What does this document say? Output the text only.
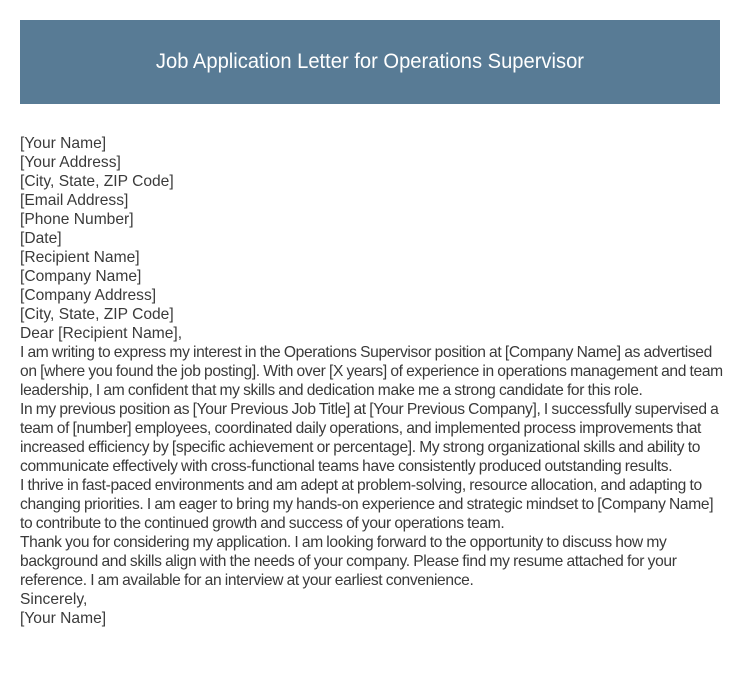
Job Application Letter for Operations Supervisor
[Your Name]
[Your Address]
[City, State, ZIP Code]
[Email Address]
[Phone Number]
[Date]
[Recipient Name]
[Company Name]
[Company Address]
[City, State, ZIP Code]
Dear [Recipient Name],
I am writing to express my interest in the Operations Supervisor position at [Company Name] as advertised on [where you found the job posting]. With over [X years] of experience in operations management and team leadership, I am confident that my skills and dedication make me a strong candidate for this role.
In my previous position as [Your Previous Job Title] at [Your Previous Company], I successfully supervised a team of [number] employees, coordinated daily operations, and implemented process improvements that increased efficiency by [specific achievement or percentage]. My strong organizational skills and ability to communicate effectively with cross-functional teams have consistently produced outstanding results.
I thrive in fast-paced environments and am adept at problem-solving, resource allocation, and adapting to changing priorities. I am eager to bring my hands-on experience and strategic mindset to [Company Name] to contribute to the continued growth and success of your operations team.
Thank you for considering my application. I am looking forward to the opportunity to discuss how my background and skills align with the needs of your company. Please find my resume attached for your reference. I am available for an interview at your earliest convenience.
Sincerely,
[Your Name]
